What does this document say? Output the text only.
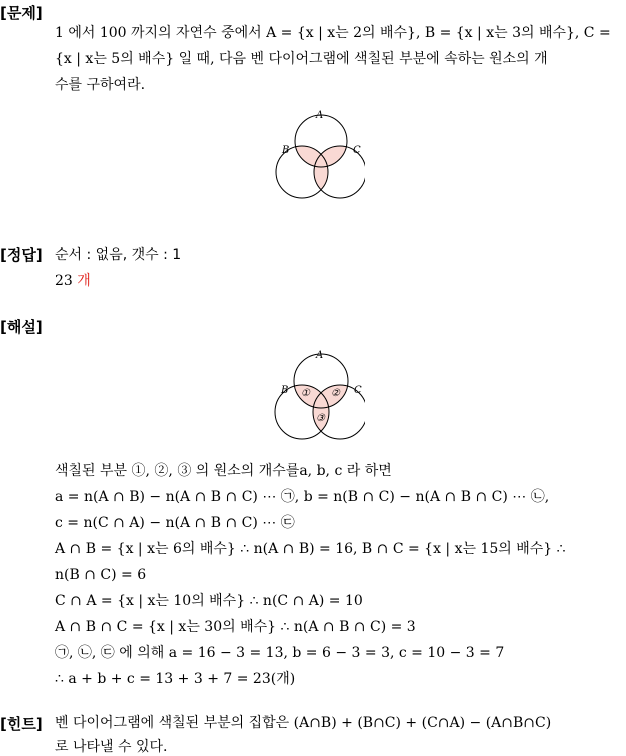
[문제]
1 에서 100 까지의 자연수 중에서 A = {x | x는 2의 배수}, B = {x | x는 3의 배수}, C =
{x | x는 5의 배수} 일 때, 다음 벤 다이어그램에 색칠된 부분에 속하는 원소의 개
수를 구하여라.
A
B	C
[정답] 순서 : 없음, 갯수 : 1
23 개
[해설]
A
B	C
① ②
③
색칠된 부분 ①, ②, ③ 의 원소의 개수를a, b, c 라 하면
a = n(A ∩ B) − n(A ∩ B ∩ C) ⋯ ㉠, b = n(B ∩ C) − n(A ∩ B ∩ C) ⋯ ㉡,
c = n(C ∩ A) − n(A ∩ B ∩ C) ⋯ ㉢
A ∩ B = {x | x는 6의 배수} ∴ n(A ∩ B) = 16, B ∩ C = {x | x는 15의 배수} ∴
n(B ∩ C) = 6
C ∩ A = {x | x는 10의 배수} ∴ n(C ∩ A) = 10
A ∩ B ∩ C = {x | x는 30의 배수} ∴ n(A ∩ B ∩ C) = 3
㉠, ㉡, ㉢ 에 의해 a = 16 − 3 = 13, b = 6 − 3 = 3, c = 10 − 3 = 7
∴ a + b + c = 13 + 3 + 7 = 23(개)
[힌트] 벤 다이어그램에 색칠된 부분의 집합은 (A∩B) + (B∩C) + (C∩A) − (A∩B∩C)
로 나타낼 수 있다.
